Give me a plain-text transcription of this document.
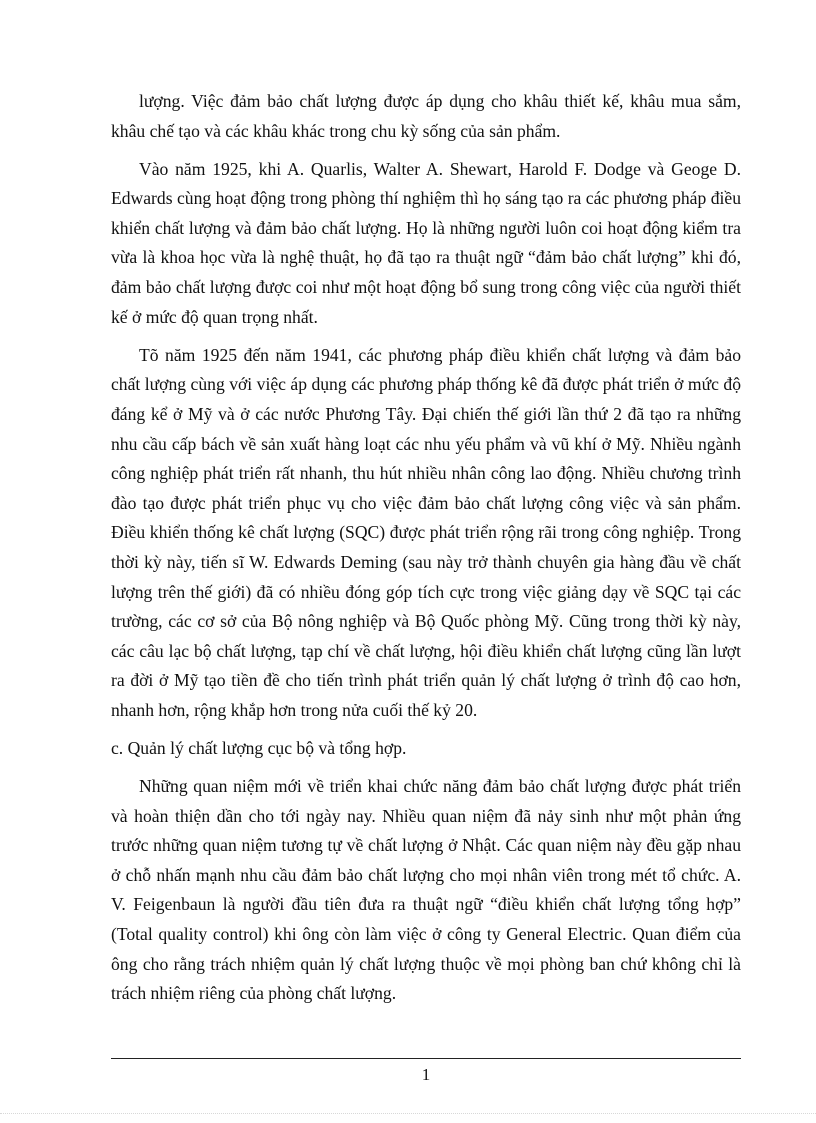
lượng. Việc đảm bảo chất lượng được áp dụng cho khâu thiết kế, khâu mua sắm, khâu chế tạo và các khâu khác trong chu kỳ sống của sản phẩm.

Vào năm 1925, khi A. Quarlis, Walter A. Shewart, Harold F. Dodge và Geoge D. Edwards cùng hoạt động trong phòng thí nghiệm thì họ sáng tạo ra các phương pháp điều khiển chất lượng và đảm bảo chất lượng. Họ là những người luôn coi hoạt động kiểm tra vừa là khoa học vừa là nghệ thuật, họ đã tạo ra thuật ngữ “đảm bảo chất lượng” khi đó, đảm bảo chất lượng được coi như một hoạt động bổ sung trong công việc của người thiết kế ở mức độ quan trọng nhất.

Tõ năm 1925 đến năm 1941, các phương pháp điều khiển chất lượng và đảm bảo chất lượng cùng với việc áp dụng các phương pháp thống kê đã được phát triển ở mức độ đáng kể ở Mỹ và ở các nước Phương Tây. Đại chiến thế giới lần thứ 2 đã tạo ra những nhu cầu cấp bách về sản xuất hàng loạt các nhu yếu phẩm và vũ khí ở Mỹ. Nhiều ngành công nghiệp phát triển rất nhanh, thu hút nhiều nhân công lao động. Nhiều chương trình đào tạo được phát triển phục vụ cho việc đảm bảo chất lượng công việc và sản phẩm. Điều khiển thống kê chất lượng (SQC) được phát triển rộng rãi trong công nghiệp. Trong thời kỳ này, tiến sĩ W. Edwards Deming (sau này trở thành chuyên gia hàng đầu về chất lượng trên thế giới) đã có nhiều đóng góp tích cực trong việc giảng dạy về SQC tại các trường, các cơ sở của Bộ nông nghiệp và Bộ Quốc phòng Mỹ. Cũng trong thời kỳ này, các câu lạc bộ chất lượng, tạp chí về chất lượng, hội điều khiển chất lượng cũng lần lượt ra đời ở Mỹ tạo tiền đề cho tiến trình phát triển quản lý chất lượng ở trình độ cao hơn, nhanh hơn, rộng khắp hơn trong nửa cuối thế kỷ 20.

c. Quản lý chất lượng cục bộ và tổng hợp.

Những quan niệm mới về triển khai chức năng đảm bảo chất lượng được phát triển và hoàn thiện dần cho tới ngày nay. Nhiều quan niệm đã nảy sinh như một phản ứng trước những quan niệm tương tự về chất lượng ở Nhật. Các quan niệm này đều gặp nhau ở chỗ nhấn mạnh nhu cầu đảm bảo chất lượng cho mọi nhân viên trong mét tổ chức. A. V. Feigenbaun là người đầu tiên đưa ra thuật ngữ “điều khiển chất lượng tổng hợp” (Total quality control) khi ông còn làm việc ở công ty General Electric. Quan điểm của ông cho rằng trách nhiệm quản lý chất lượng thuộc về mọi phòng ban chứ không chỉ là trách nhiệm riêng của phòng chất lượng.

1
